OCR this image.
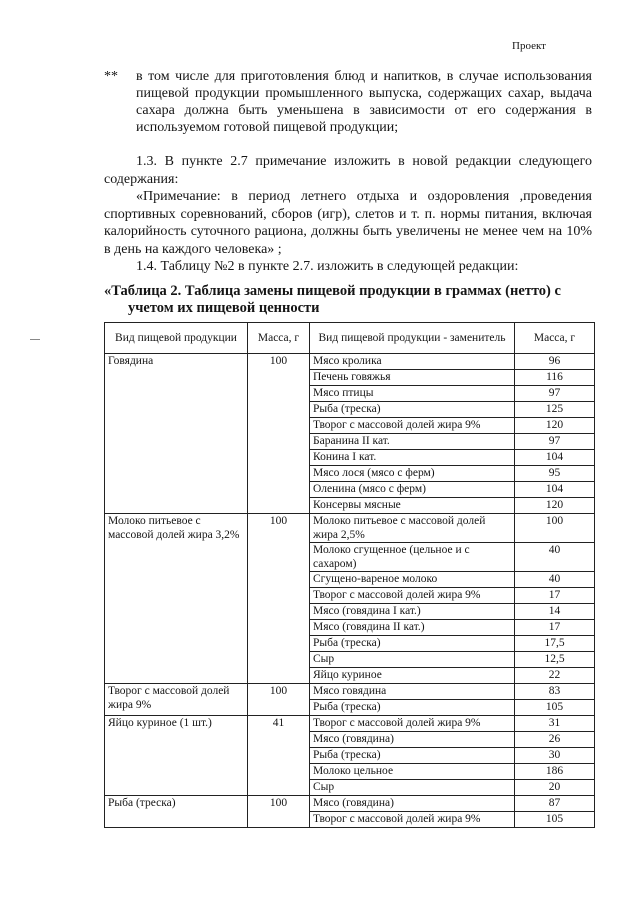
Проект
**	в том числе для приготовления блюд и напитков, в случае использования пищевой продукции промышленного выпуска, содержащих сахар, выдача сахара должна быть уменьшена в зависимости от его содержания в используемом готовой пищевой продукции;
1.3. В пункте 2.7 примечание изложить в новой редакции следующего содержания:
«Примечание: в период летнего отдыха и оздоровления ,проведения спортивных соревнований, сборов (игр), слетов и т. п. нормы питания, включая калорийность суточного рациона, должны быть увеличены не менее чем на 10% в день на каждого человека» ;
1.4. Таблицу №2 в пункте 2.7. изложить в следующей редакции:
«Таблица 2. Таблица замены пищевой продукции в граммах (нетто) с
учетом их пищевой ценности
Вид пищевой продукции	Масса, г	Вид пищевой продукции - заменитель	Масса, г
Говядина	100	Мясо кролика	96
		Печень говяжья	116
		Мясо птицы	97
		Рыба (треска)	125
		Творог с массовой долей жира 9%	120
		Баранина II кат.	97
		Конина I кат.	104
		Мясо лося (мясо с ферм)	95
		Оленина (мясо с ферм)	104
		Консервы мясные	120
Молоко питьевое с массовой долей жира 3,2%	100	Молоко питьевое с массовой долей жира 2,5%	100
		Молоко сгущенное (цельное и с сахаром)	40
		Сгущено-вареное молоко	40
		Творог с массовой долей жира 9%	17
		Мясо (говядина I кат.)	14
		Мясо (говядина II кат.)	17
		Рыба (треска)	17,5
		Сыр	12,5
		Яйцо куриное	22
Творог с массовой долей жира 9%	100	Мясо говядина	83
		Рыба (треска)	105
Яйцо куриное (1 шт.)	41	Творог с массовой долей жира 9%	31
		Мясо (говядина)	26
		Рыба (треска)	30
		Молоко цельное	186
		Сыр	20
Рыба (треска)	100	Мясо (говядина)	87
		Творог с массовой долей жира 9%	105
